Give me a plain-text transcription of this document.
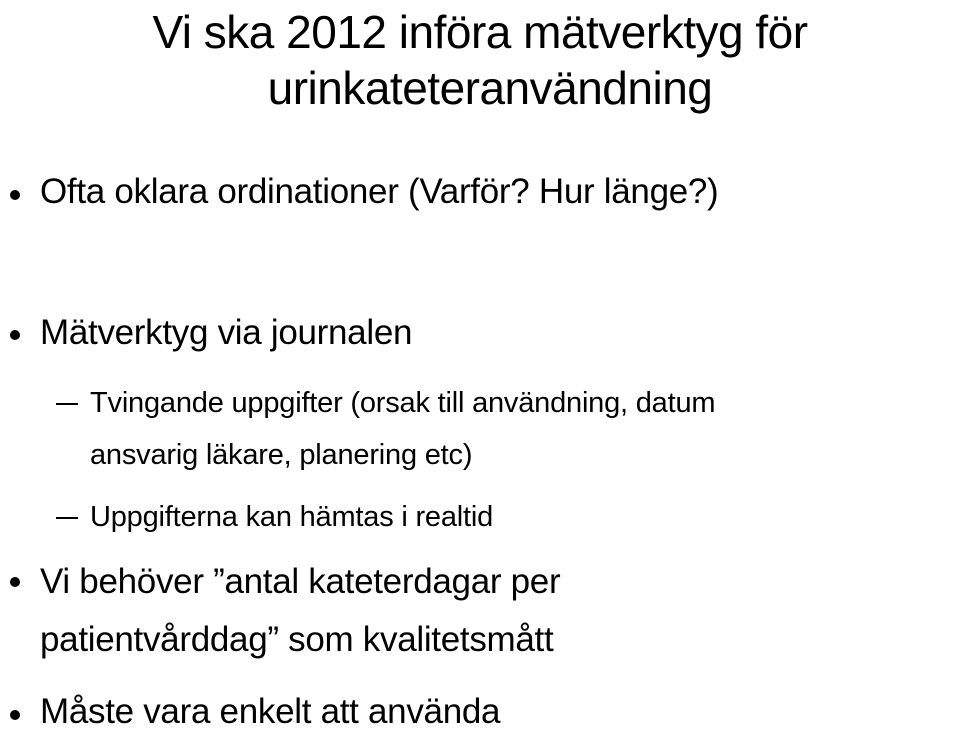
Vi ska 2012 införa mätverktyg för
urinkateteranvändning
Ofta oklara ordinationer (Varför? Hur länge?)
Mätverktyg via journalen
Tvingande uppgifter (orsak till användning, datum
ansvarig läkare, planering etc)
Uppgifterna kan hämtas i realtid
Vi behöver ”antal kateterdagar per
patientvårddag” som kvalitetsmått
Måste vara enkelt att använda
